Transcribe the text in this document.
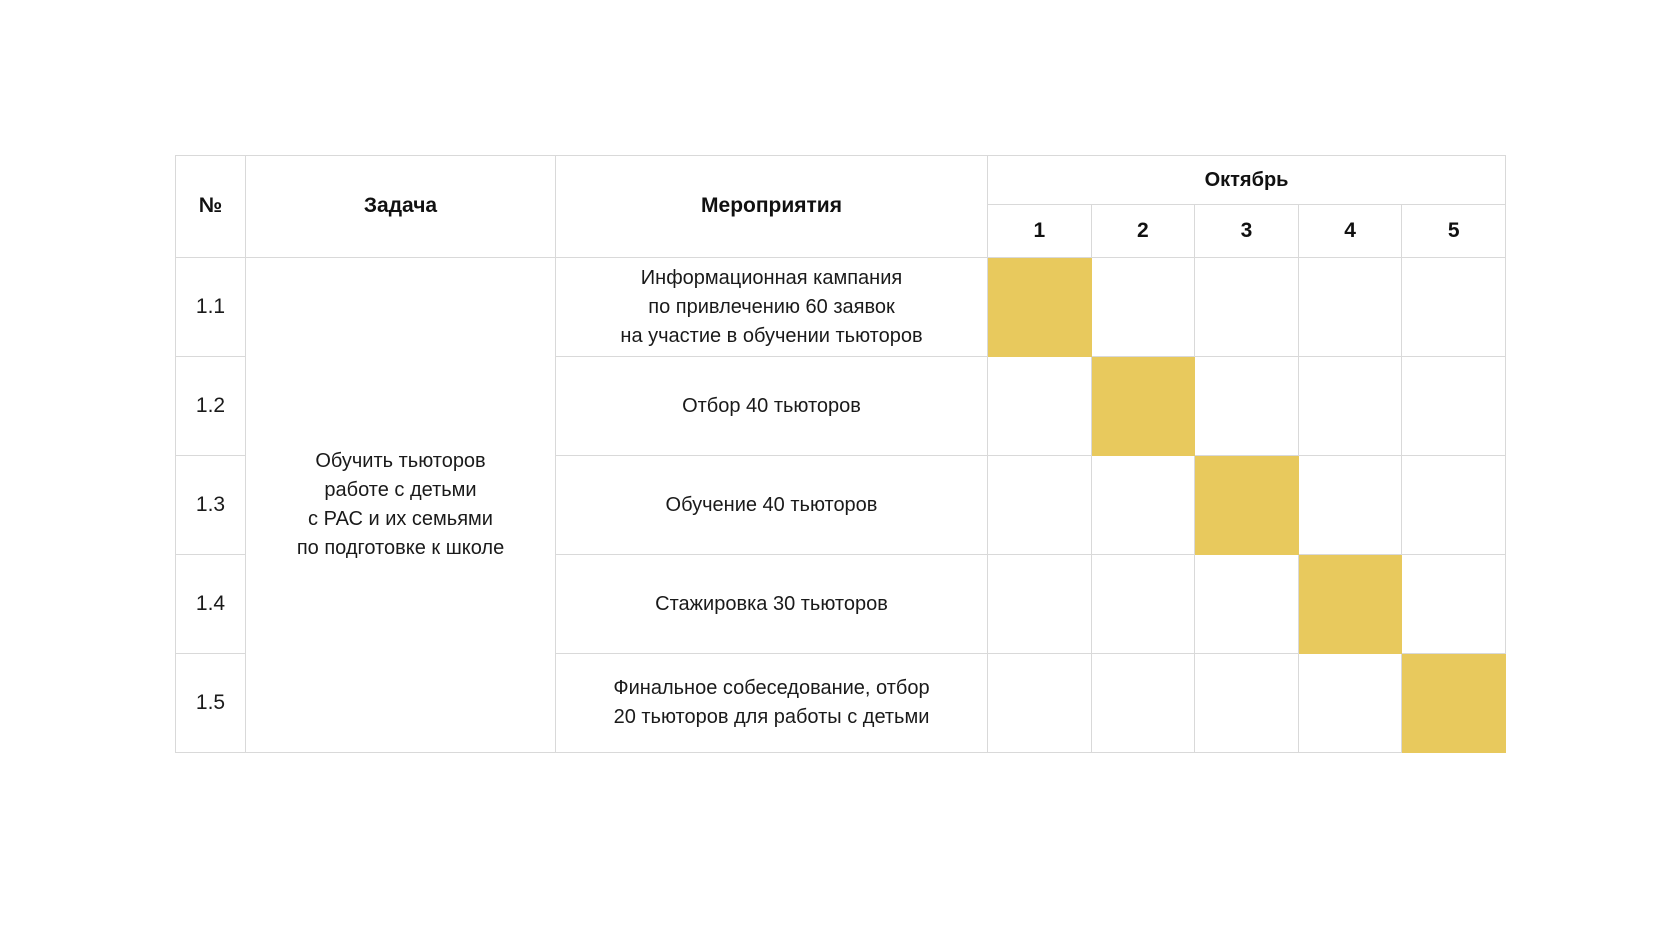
№	Задача	Мероприятия	Октябрь				
			1	2	3	4	5
1.1	Обучить тьюторов
работе с детьми
с РАС и их семьями
по подготовке к школе	Информационная кампания
по привлечению 60 заявок
на участие в обучении тьюторов					
1.2		Отбор 40 тьюторов					
1.3		Обучение 40 тьюторов					
1.4		Стажировка 30 тьюторов					
1.5		Финальное собеседование, отбор
20 тьюторов для работы с детьми					
